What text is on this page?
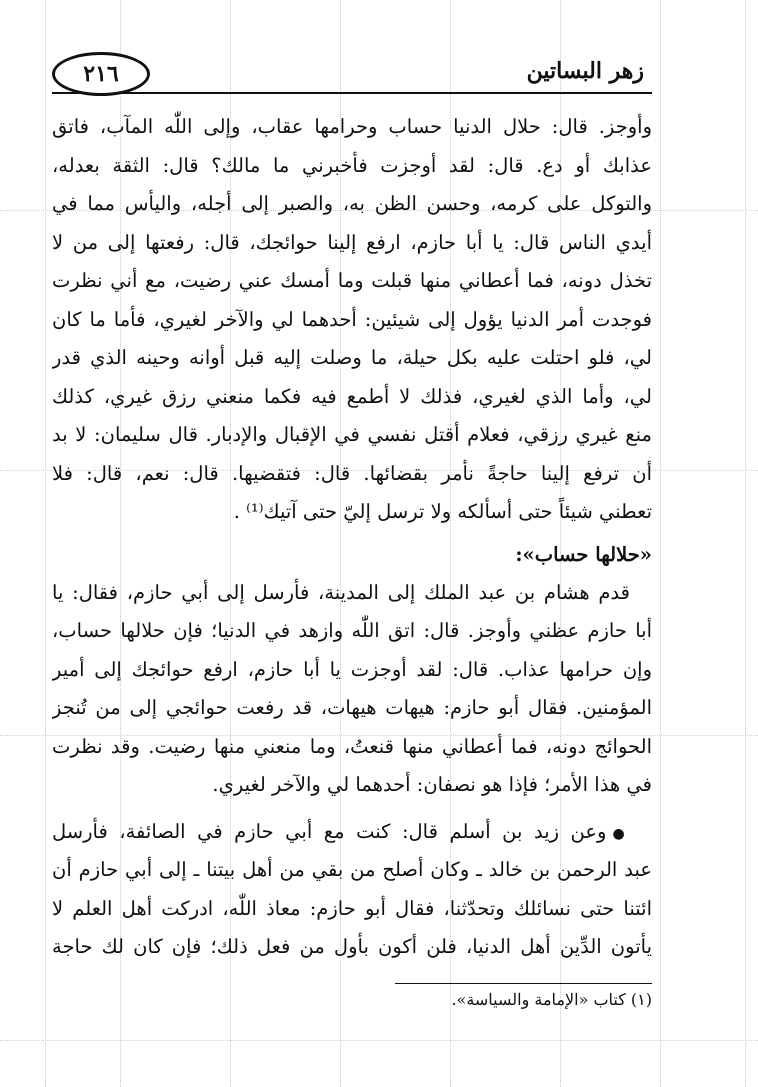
٢١٦	زهر البساتين
وأوجز. قال: حلال الدنيا حساب وحرامها عقاب، وإلى اللّٰه المآب، فاتق
عذابك أو دع. قال: لقد أوجزت فأخبرني ما مالك؟ قال: الثقة بعدله،
والتوكل على كرمه، وحسن الظن به، والصبر إلى أجله، واليأس مما في
أيدي الناس قال: يا أبا حازم، ارفع إلينا حوائجك، قال: رفعتها إلى من لا
تخذل دونه، فما أعطاني منها قبلت وما أمسك عني رضيت، مع أني نظرت
فوجدت أمر الدنيا يؤول إلى شيئين: أحدهما لي والآخر لغيري، فأما ما كان
لي، فلو احتلت عليه بكل حيلة، ما وصلت إليه قبل أوانه وحينه الذي قدر
لي، وأما الذي لغيري، فذلك لا أطمع فيه فكما منعني رزق غيري، كذلك
منع غيري رزقي، فعلام أقتل نفسي في الإقبال والإدبار. قال سليمان: لا بد
أن ترفع إلينا حاجةً نأمر بقضائها. قال: فتقضيها. قال: نعم، قال: فلا
تعطني شيئاً حتى أسألكه ولا ترسل إليّ حتى آتيك⁽¹⁾ .
«حلالها حساب»:
قدم هشام بن عبد الملك إلى المدينة، فأرسل إلى أبي حازم، فقال: يا
أبا حازم عظني وأوجز. قال: اتق اللّٰه وازهد في الدنيا؛ فإن حلالها حساب،
وإن حرامها عذاب. قال: لقد أوجزت يا أبا حازم، ارفع حوائجك إلى أمير
المؤمنين. فقال أبو حازم: هيهات هيهات، قد رفعت حوائجي إلى من تُنجز
الحوائج دونه، فما أعطاني منها قنعتُ، وما منعني منها رضيت. وقد نظرت
في هذا الأمر؛ فإذا هو نصفان: أحدهما لي والآخر لغيري.
●وعن زيد بن أسلم قال: كنت مع أبي حازم في الصائفة، فأرسل
عبد الرحمن بن خالد ـ وكان أصلح من بقي من أهل بيتنا ـ إلى أبي حازم أن
ائتنا حتى نسائلك وتحدّثنا، فقال أبو حازم: معاذ اللّٰه، ادركت أهل العلم لا
يأتون الدِّين أهل الدنيا، فلن أكون بأول من فعل ذلك؛ فإن كان لك حاجة
(١) كتاب «الإمامة والسياسة».
